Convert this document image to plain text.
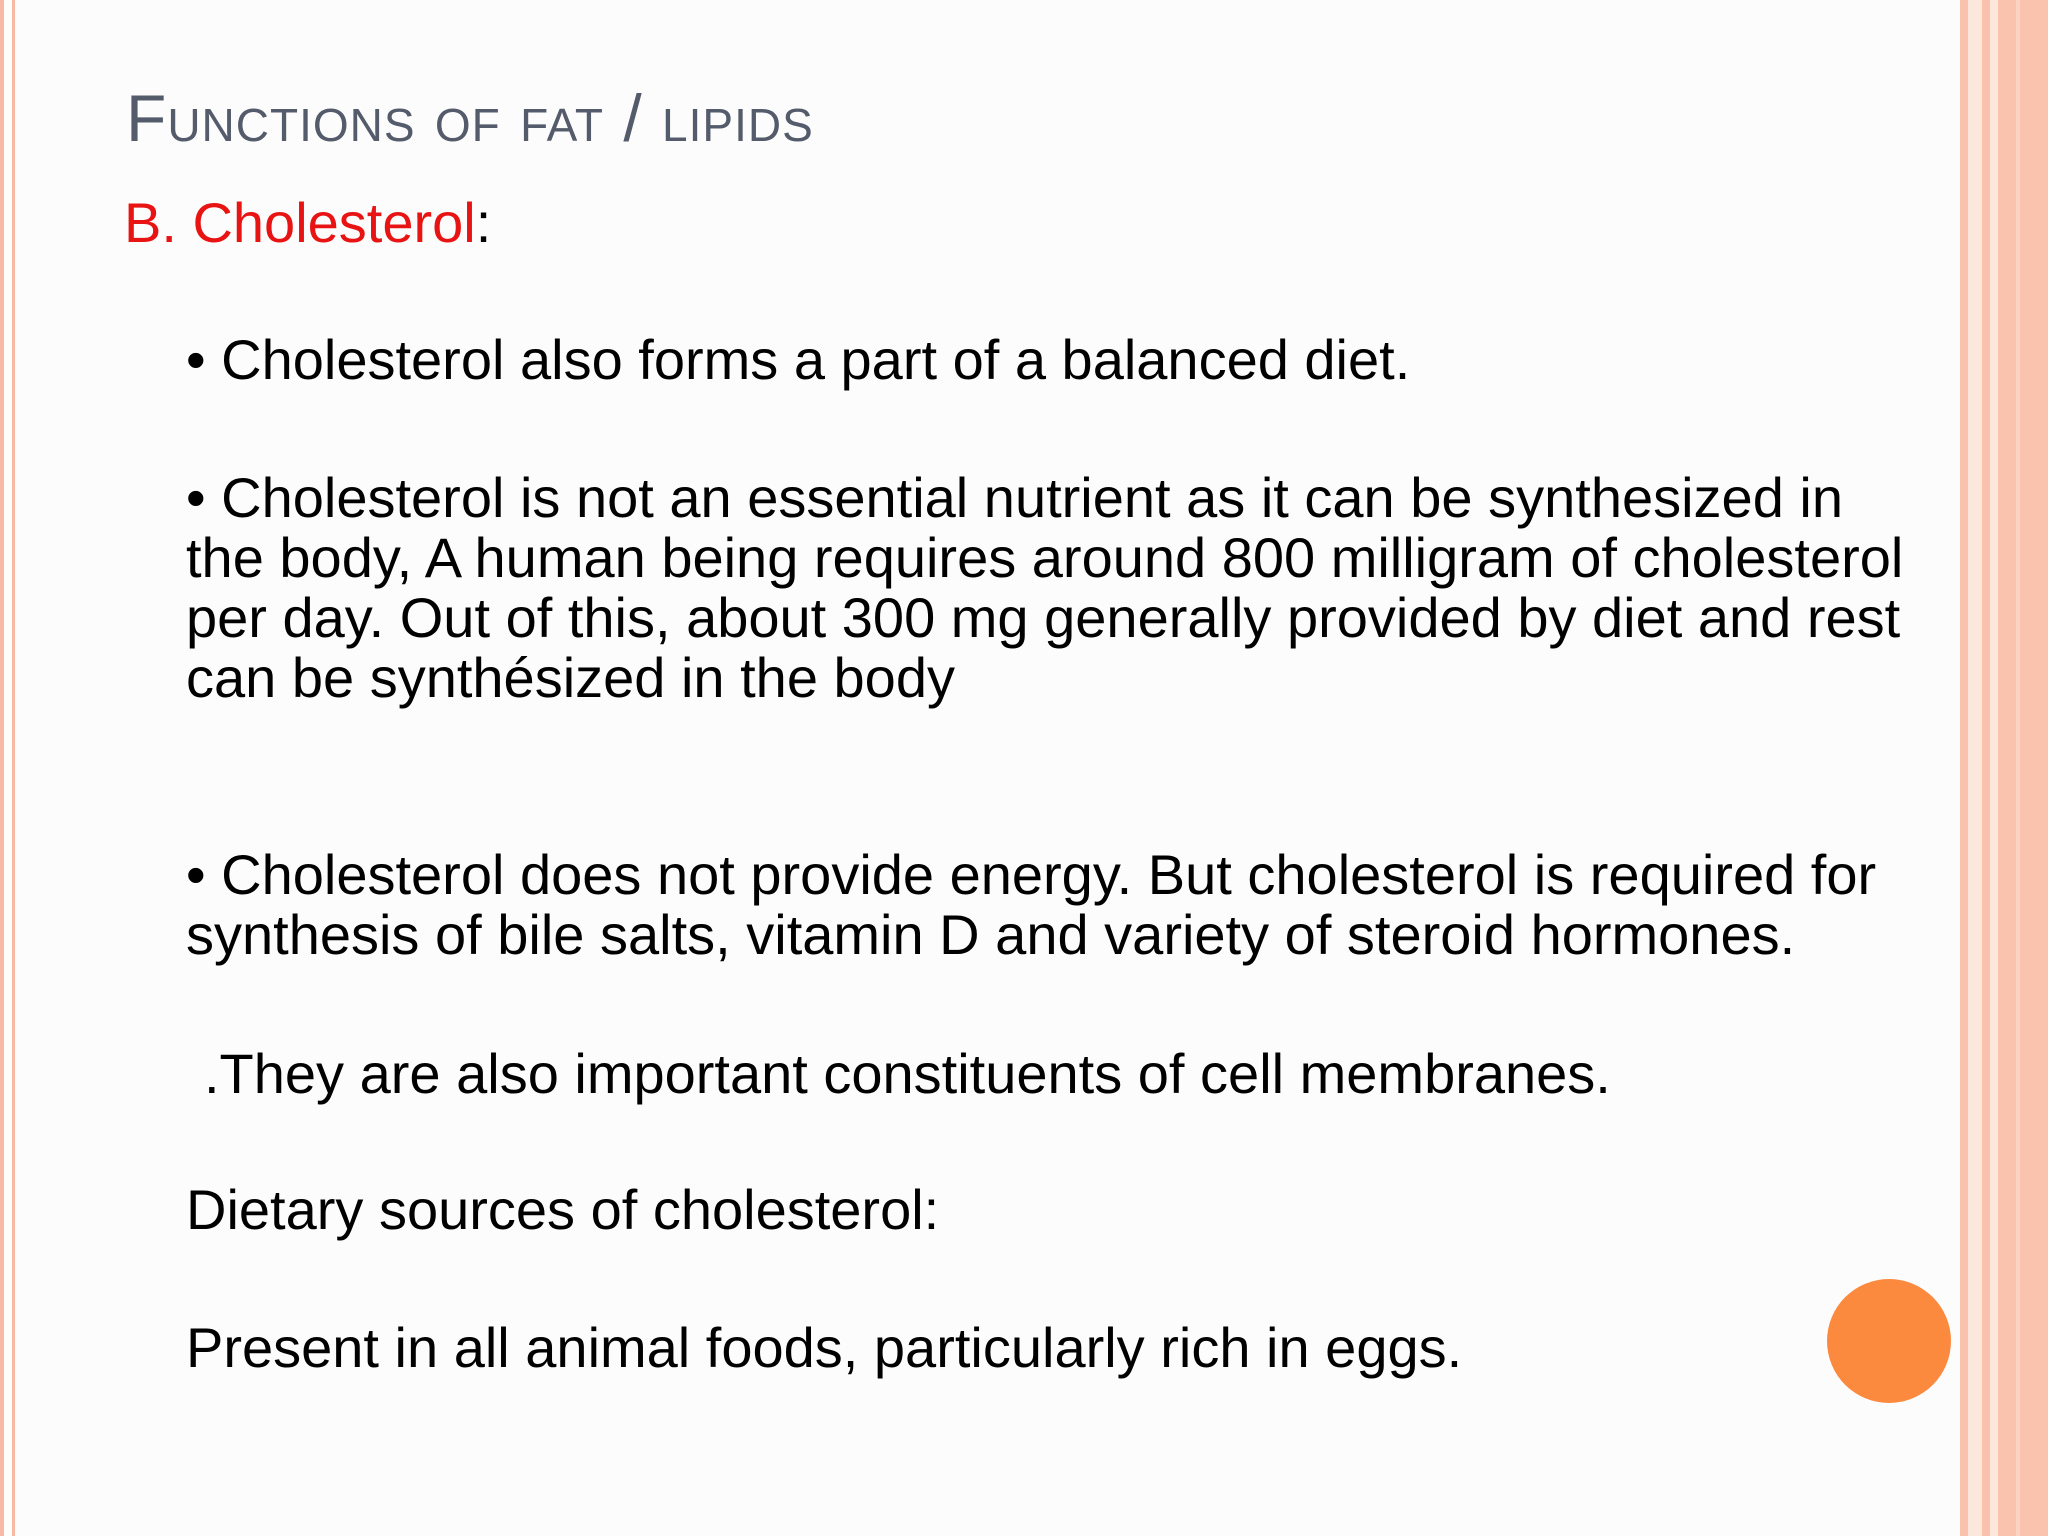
Functions of fat / lipids
B. Cholesterol:

• Cholesterol also forms a part of a balanced diet.

• Cholesterol is not an essential nutrient as it can be synthesized in the body, A human being requires around 800 milligram of cholesterol per day. Out of this, about 300 mg generally provided by diet and rest can be synthésized in the body

• Cholesterol does not provide energy. But cholesterol is required for synthesis of bile salts, vitamin D and variety of steroid hormones.

.They are also important constituents of cell membranes.

Dietary sources of cholesterol:

Present in all animal foods, particularly rich in eggs.
